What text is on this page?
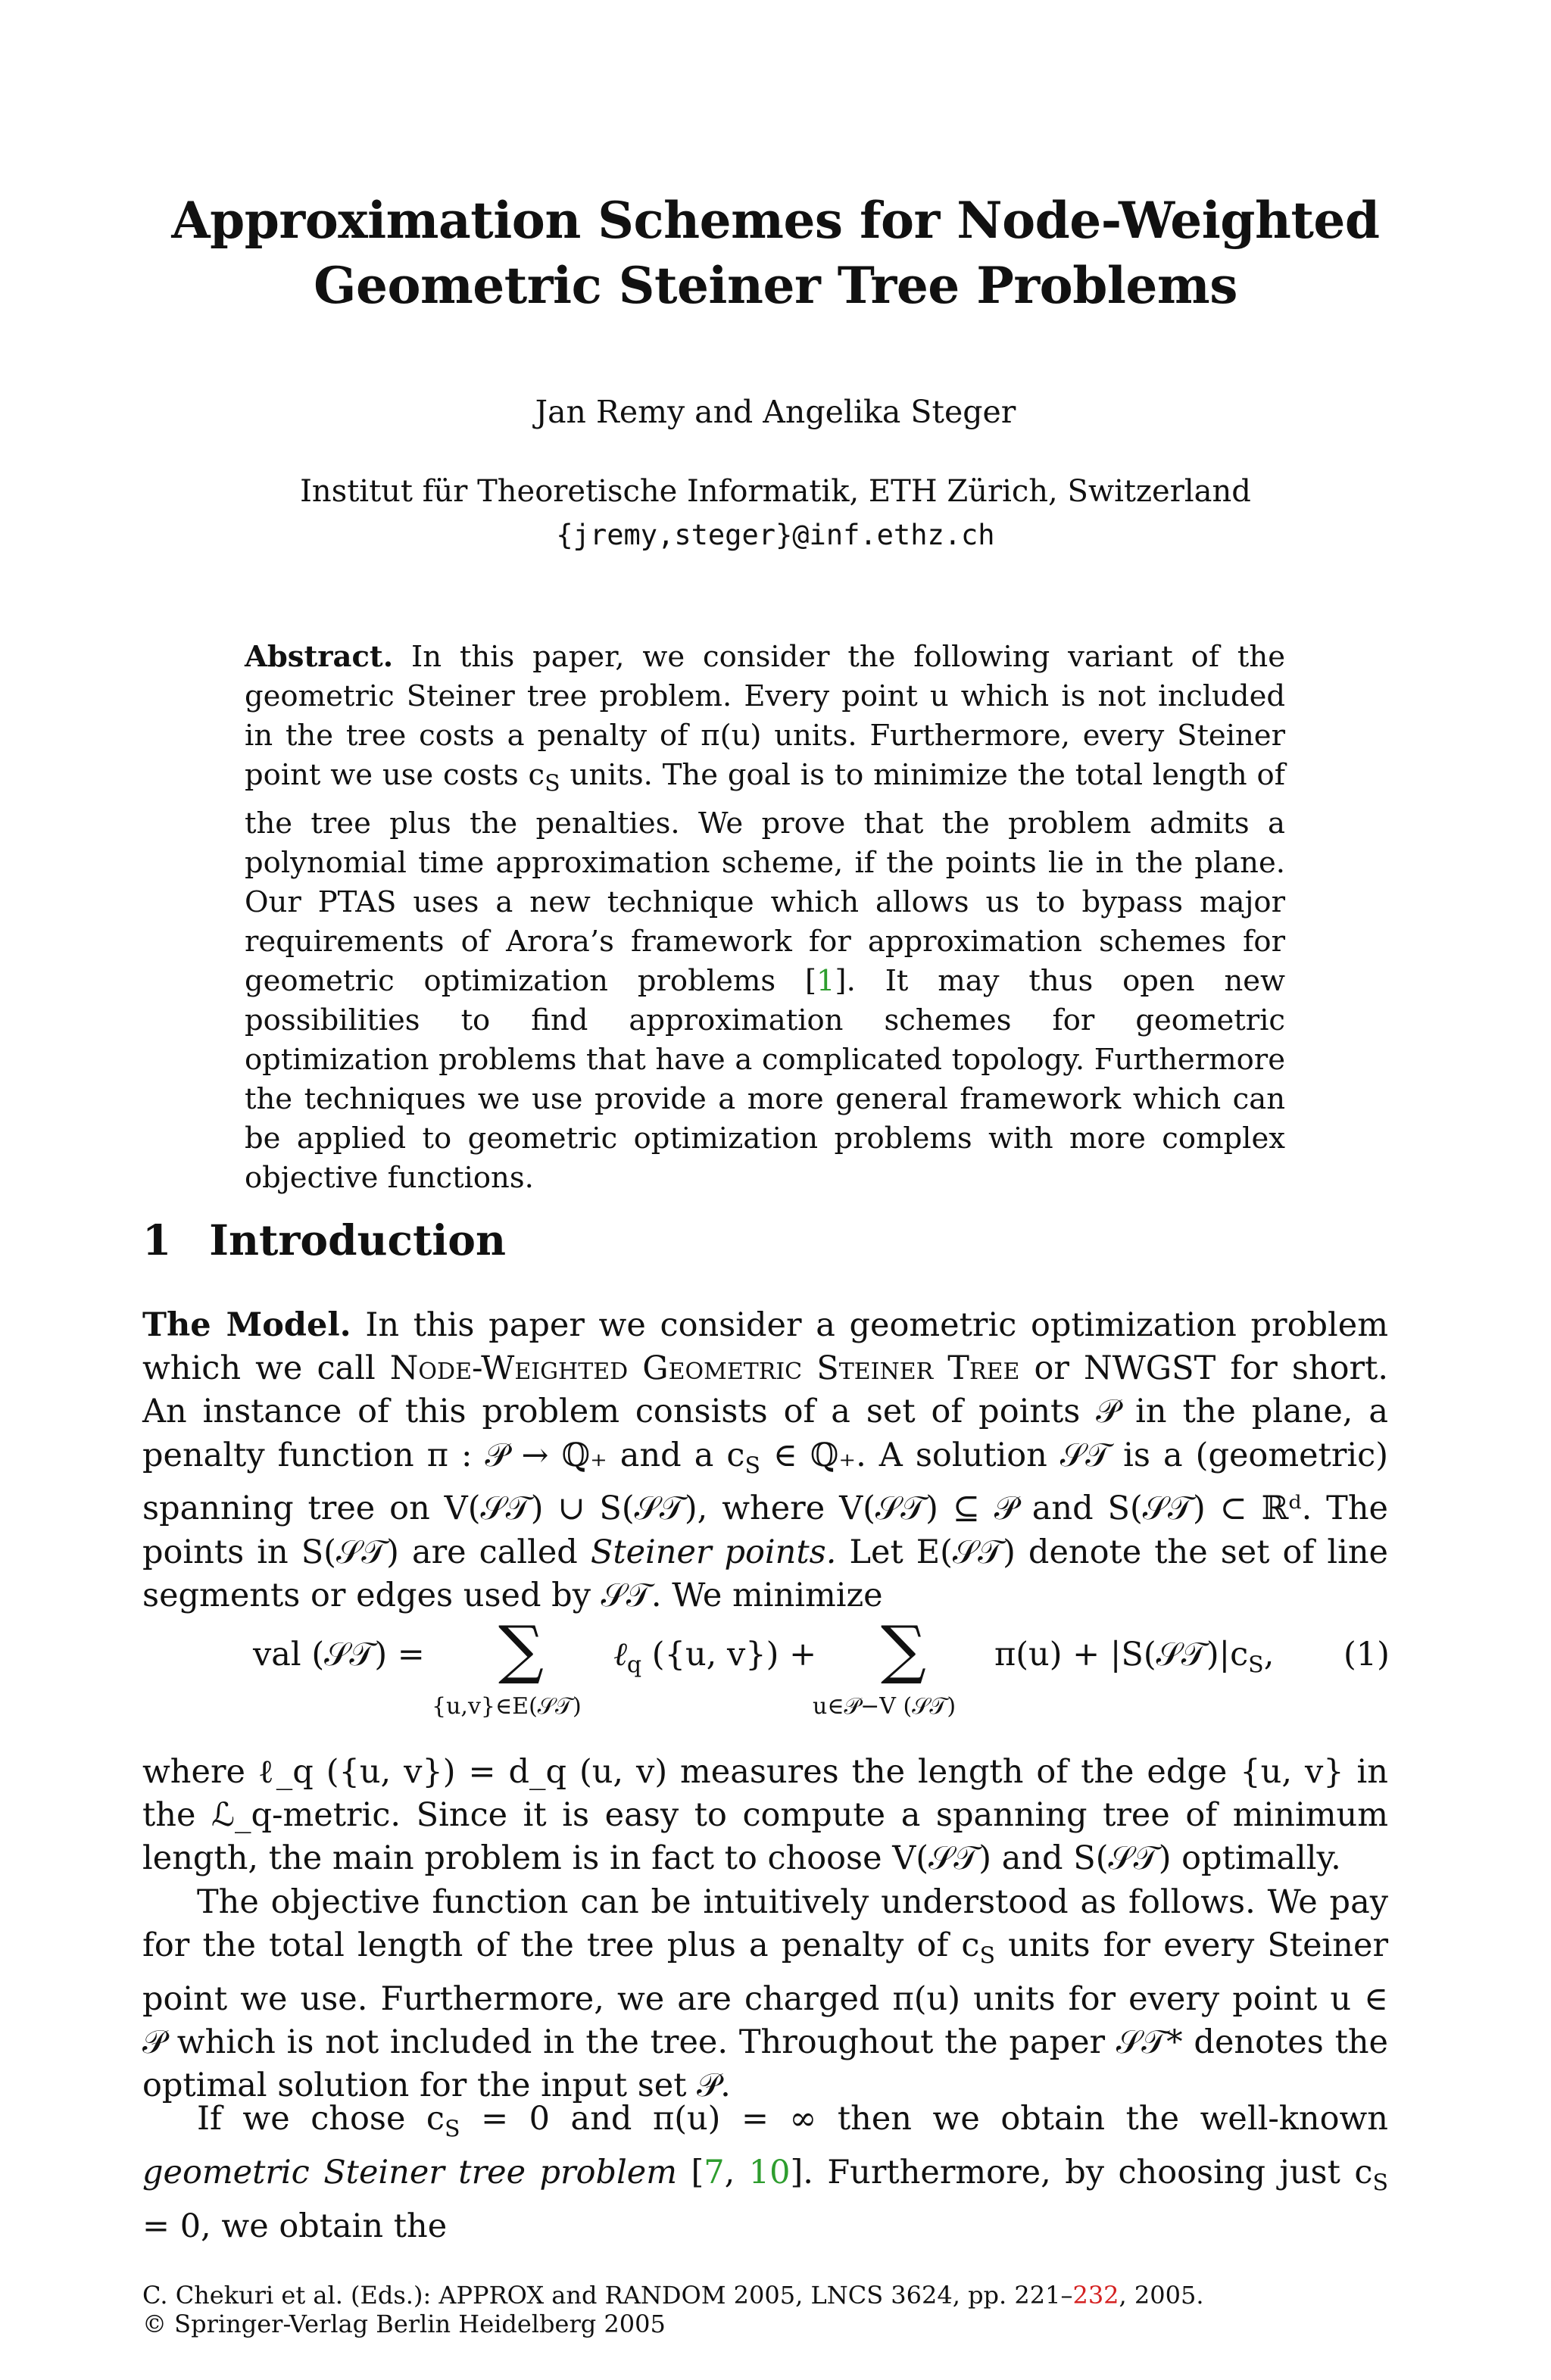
Approximation Schemes for Node-Weighted
Geometric Steiner Tree Problems
Jan Remy and Angelika Steger
Institut für Theoretische Informatik, ETH Zürich, Switzerland
{jremy,steger}@inf.ethz.ch
Abstract. In this paper, we consider the following variant of the geometric Steiner tree problem. Every point u which is not included in the tree costs a penalty of π(u) units. Furthermore, every Steiner point we use costs $c_S$ units. The goal is to minimize the total length of the tree plus the penalties. We prove that the problem admits a polynomial time approximation scheme, if the points lie in the plane. Our PTAS uses a new technique which allows us to bypass major requirements of Arora’s framework for approximation schemes for geometric optimization problems [1]. It may thus open new possibilities to find approximation schemes for geometric optimization problems that have a complicated topology. Furthermore the techniques we use provide a more general framework which can be applied to geometric optimization problems with more complex objective functions.
1 Introduction
The Model. In this paper we consider a geometric optimization problem which we call Node-Weighted Geometric Steiner Tree or NWGST for short. An instance of this problem consists of a set of points 𝒫 in the plane, a penalty function π : 𝒫 → ℚ₊ and a $c_S$ ∈ ℚ₊. A solution 𝒮𝒯 is a (geometric) spanning tree on V(𝒮𝒯) ∪ S(𝒮𝒯), where V(𝒮𝒯) ⊆ 𝒫 and S(𝒮𝒯) ⊂ ℝᵈ. The points in S(𝒮𝒯) are called Steiner points. Let E(𝒮𝒯) denote the set of line segments or edges used by 𝒮𝒯. We minimize
val (𝒮𝒯) = ∑
{u,v}∈E(𝒮𝒯)
ℓ$_q$ ({u, v}) + ∑
u∈𝒫−V (𝒮𝒯)
$\pi(u) + |S(𝒮𝒯)|c_S$, (1)
where ℓ_q ({u, v}) = d_q (u, v) measures the length of the edge {u, v} in the ℒ_q-metric. Since it is easy to compute a spanning tree of minimum length, the main problem is in fact to choose V(𝒮𝒯) and S(𝒮𝒯) optimally.
The objective function can be intuitively understood as follows. We pay for the total length of the tree plus a penalty of $c_S$ units for every Steiner point we use. Furthermore, we are charged π(u) units for every point u ∈ 𝒫 which is not included in the tree. Throughout the paper 𝒮𝒯* denotes the optimal solution for the input set 𝒫.
If we chose $c_S = 0$ and π(u) = ∞ then we obtain the well-known geometric Steiner tree problem [7, 10]. Furthermore, by choosing just $c_S = 0$, we obtain the
C. Chekuri et al. (Eds.): APPROX and RANDOM 2005, LNCS 3624, pp. 221–232, 2005.
© Springer-Verlag Berlin Heidelberg 2005
